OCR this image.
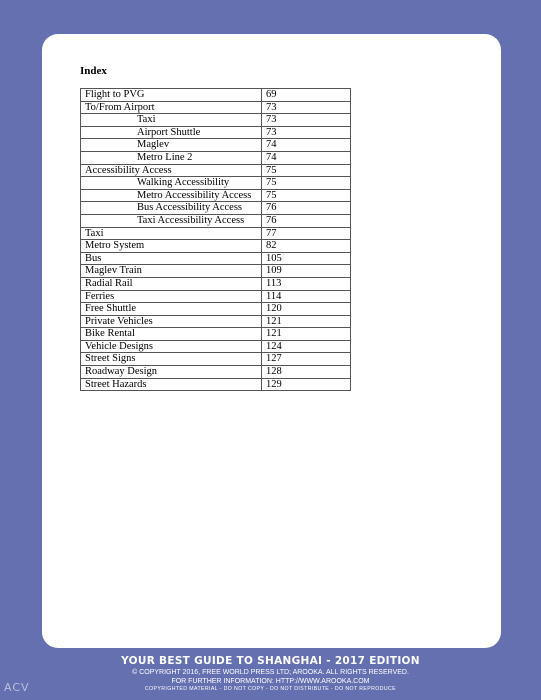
Index
Flight to PVG	69
To/From Airport	73
Taxi	73
Airport Shuttle	73
Maglev	74
Metro Line 2	74
Accessibility Access	75
Walking Accessibility	75
Metro Accessibility Access	75
Bus Accessibility Access	76
Taxi Accessibility Access	76
Taxi	77
Metro System	82
Bus	105
Maglev Train	109
Radial Rail	113
Ferries	114
Free Shuttle	120
Private Vehicles	121
Bike Rental	121
Vehicle Designs	124
Street Signs	127
Roadway Design	128
Street Hazards	129
YOUR BEST GUIDE TO SHANGHAI - 2017 EDITION
© COPYRIGHT 2016, FREE WORLD PRESS LTD; AROOKA. ALL RIGHTS RESERVED.
FOR FURTHER INFORMATION: HTTP://WWW.AROOKA.COM
COPYRIGHTED MATERIAL - DO NOT COPY - DO NOT DISTRIBUTE - DO NOT REPRODUCE
ACV
